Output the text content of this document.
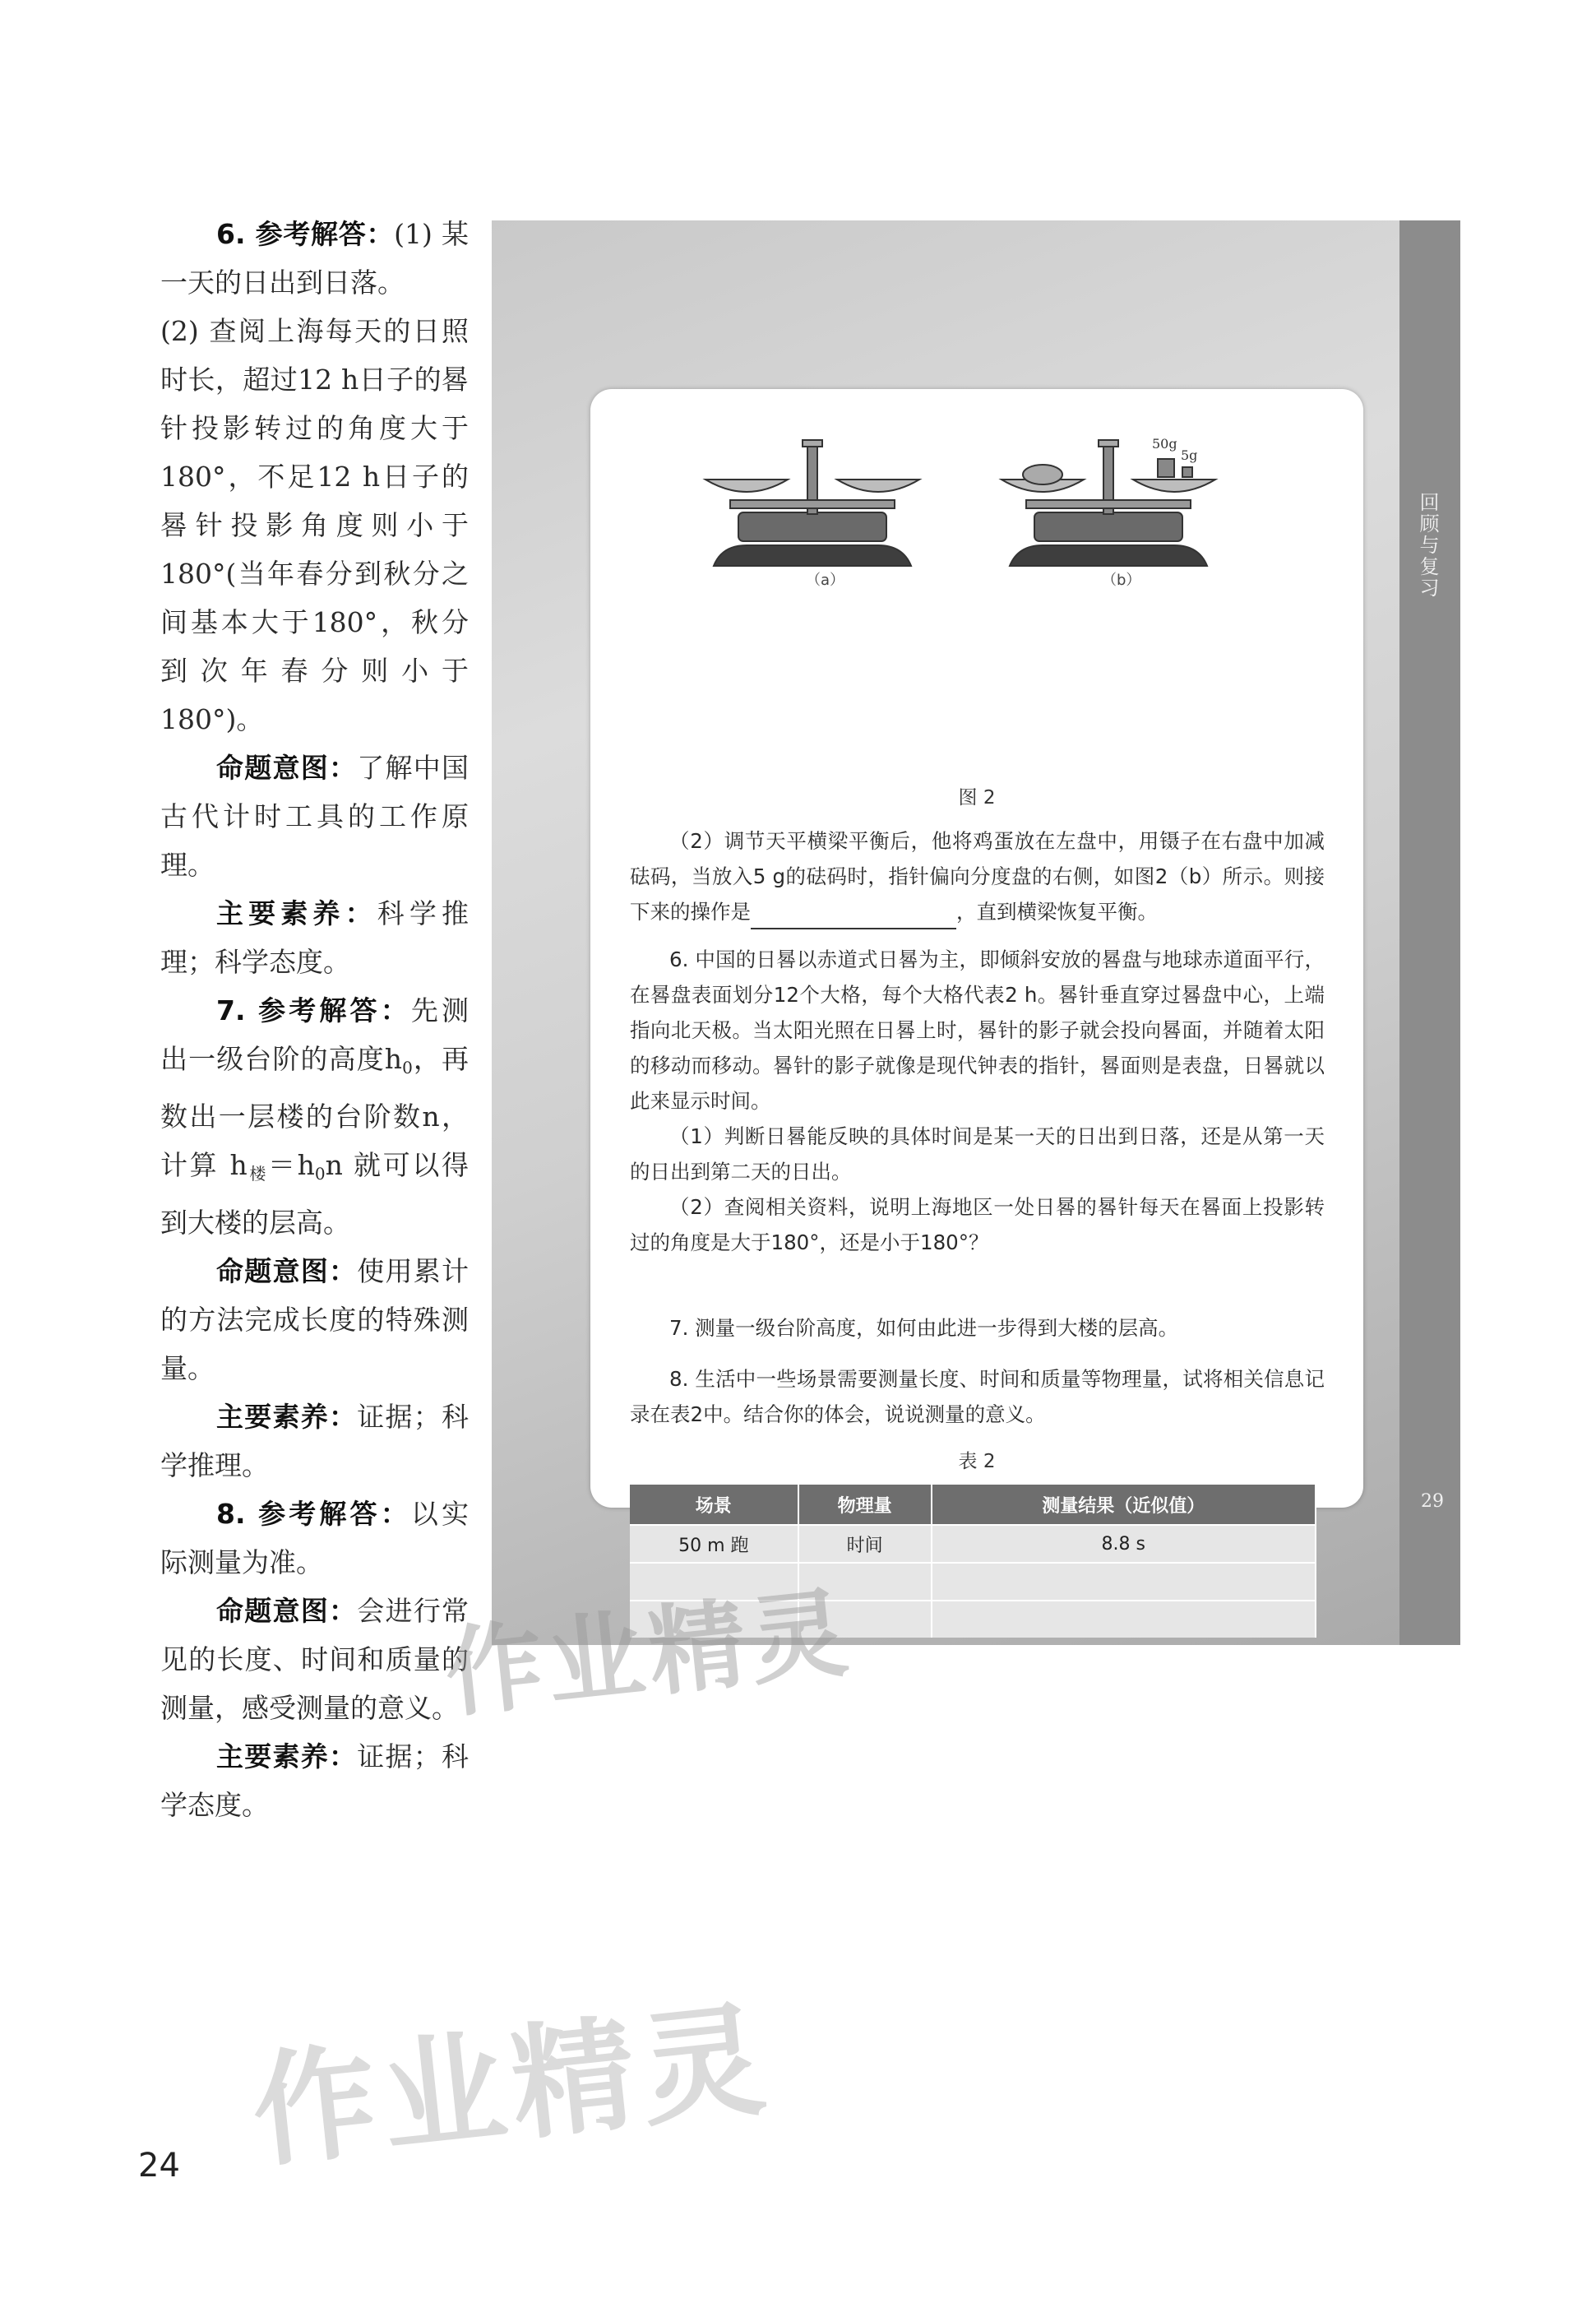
6. 参考解答：(1) 某一天的日出到日落。

(2) 查阅上海每天的日照时长，超过12 h日子的晷针投影转过的角度大于180°，不足12 h日子的晷针投影角度则小于180°(当年春分到秋分之间基本大于180°，秋分到次年春分则小于180°)。

命题意图：了解中国古代计时工具的工作原理。

主要素养：科学推理；科学态度。

7. 参考解答：先测出一级台阶的高度h0，再数出一层楼的台阶数n，计算 h楼＝h0n 就可以得到大楼的层高。

命题意图：使用累计的方法完成长度的特殊测量。

主要素养：证据；科学推理。

8. 参考解答：以实际测量为准。

命题意图：会进行常见的长度、时间和质量的测量，感受测量的意义。

主要素养：证据；科学态度。

回顾与复习
29
50g
5g
（a）	（b）
图 2

（2）调节天平横梁平衡后，他将鸡蛋放在左盘中，用镊子在右盘中加减砝码，当放入5 g的砝码时，指针偏向分度盘的右侧，如图2（b）所示。则接下来的操作是	，直到横梁恢复平衡。

6. 中国的日晷以赤道式日晷为主，即倾斜安放的晷盘与地球赤道面平行，在晷盘表面划分12个大格，每个大格代表2 h。晷针垂直穿过晷盘中心，上端指向北天极。当太阳光照在日晷上时，晷针的影子就会投向晷面，并随着太阳的移动而移动。晷针的影子就像是现代钟表的指针，晷面则是表盘，日晷就以此来显示时间。

（1）判断日晷能反映的具体时间是某一天的日出到日落，还是从第一天的日出到第二天的日出。

（2）查阅相关资料，说明上海地区一处日晷的晷针每天在晷面上投影转过的角度是大于180°，还是小于180°？

7. 测量一级台阶高度，如何由此进一步得到大楼的层高。

8. 生活中一些场景需要测量长度、时间和质量等物理量，试将相关信息记录在表2中。结合你的体会，说说测量的意义。

表 2
场景	物理量	测量结果（近似值）
50 m 跑	时间	8.8 s

作业精灵
作业精灵
24
